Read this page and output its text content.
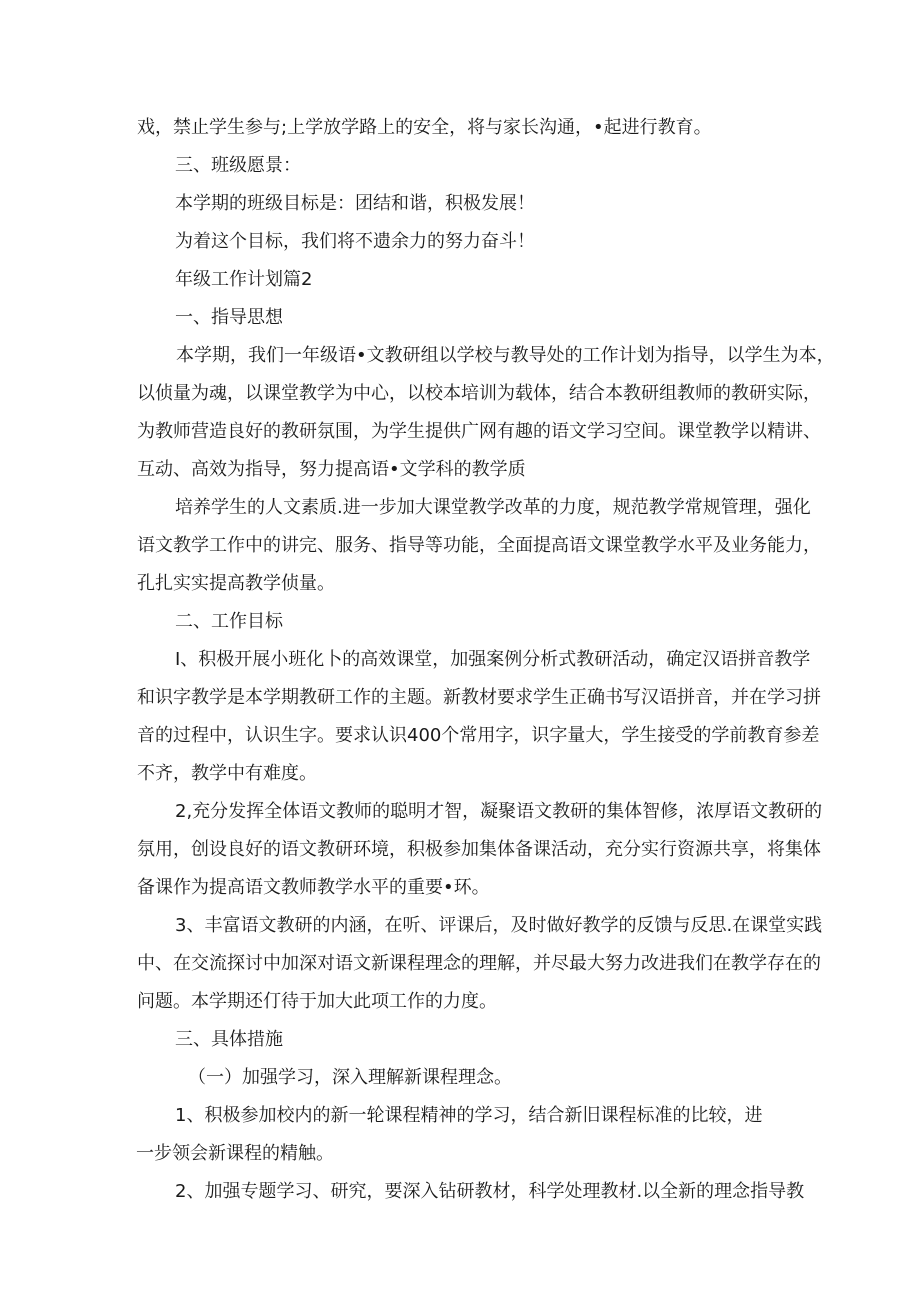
戏，禁止学生参与;上学放学路上的安全，将与家长沟通，•起进行教育。

三、班级愿景：

本学期的班级目标是：团结和谐，积极发展！

为着这个目标，我们将不遗余力的努力奋斗！

年级工作计划篇2

一、指导思想

本学期，我们一年级语•文教研组以学校与教导处的工作计划为指导，以学生为本，

以侦量为魂，以课堂教学为中心，以校本培训为载体，结合本教研组教师的教研实际，

为教师营造良好的教研氛围，为学生提供广网有趣的语文学习空间。课堂教学以精讲、

互动、高效为指导，努力提高语•文学科的教学质

培养学生的人文素质.进一步加大课堂教学改革的力度，规范教学常规管理，强化

语文教学工作中的讲完、服务、指导等功能，全面提高语文课堂教学水平及业务能力，

孔扎实实提高教学侦量。

二、工作目标

I、积极开展小班化卜的高效课堂，加强案例分析式教研活动，确定汉语拼音教学

和识字教学是本学期教研工作的主题。新教材要求学生正确书写汉语拼音，并在学习拼

音的过程中，认识生字。要求认识400个常用字，识字量大，学生接受的学前教育参差

不齐，教学中有难度。

2,充分发挥全体语文教师的聪明才智，凝聚语文教研的集体智修，浓厚语文教研的

氛用，创设良好的语文教研环境，积极参加集体备课活动，充分实行资源共享，将集体

备课作为提高语文教师教学水平的重要•环。

3、丰富语文教研的内涵，在听、评课后，及时做好教学的反馈与反思.在课堂实践

中、在交流探讨中加深对语文新课程理念的理解，并尽最大努力改进我们在教学存在的

问题。本学期还仃待于加大此项工作的力度。

三、具体措施

（一）加强学习，深入理解新课程理念。

1、积极参加校内的新一轮课程精神的学习，结合新旧课程标准的比较，进

一步领会新课程的精触。

2、加强专题学习、研究，要深入钻研教材，科学处理教材.以全新的理念指导教
